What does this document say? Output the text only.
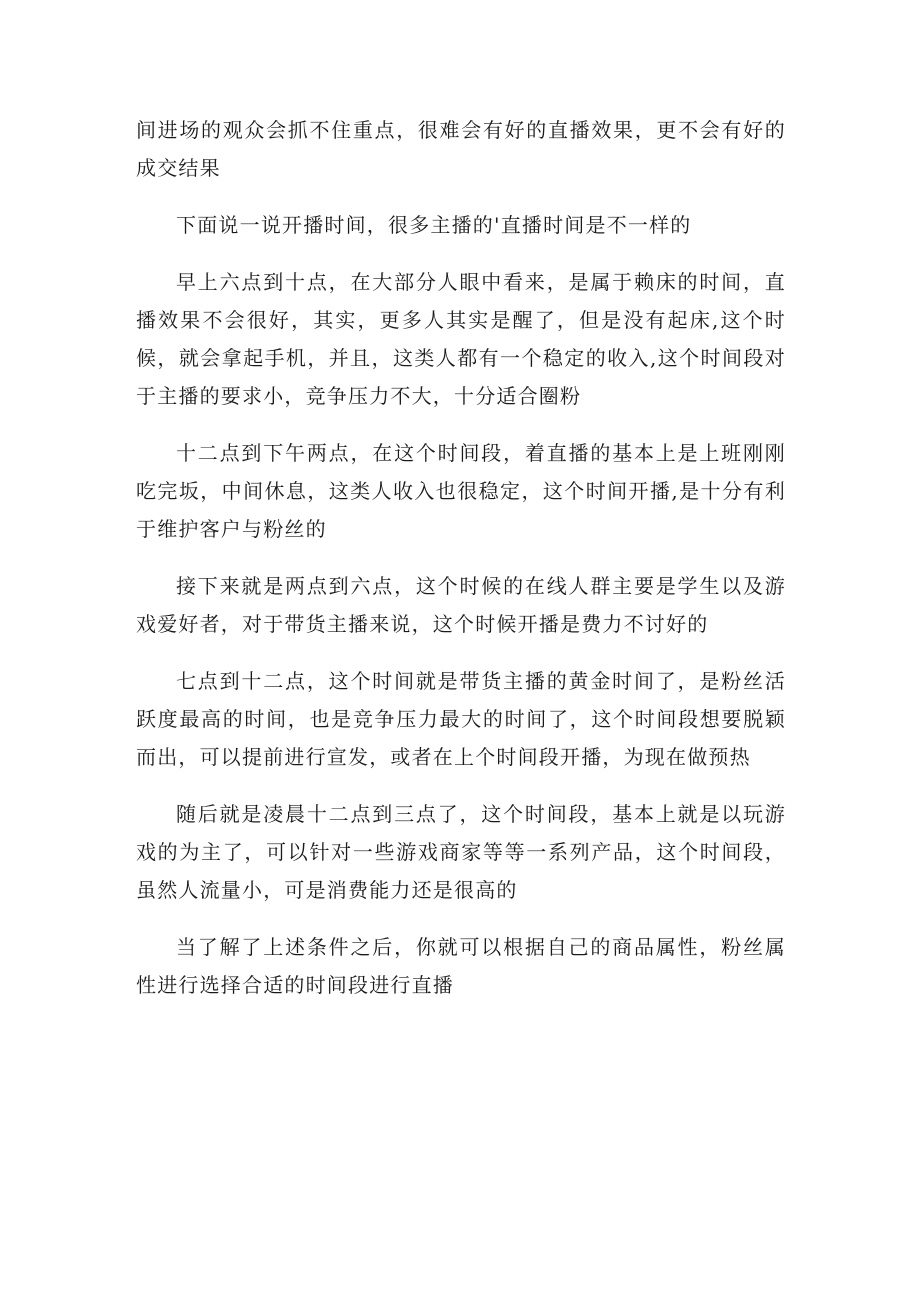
间进场的观众会抓不住重点，很难会有好的直播效果，更不会有好的成交结果

下面说一说开播时间，很多主播的'直播时间是不一样的

早上六点到十点，在大部分人眼中看来，是属于赖床的时间，直播效果不会很好，其实，更多人其实是醒了，但是没有起床,这个时候，就会拿起手机，并且，这类人都有一个稳定的收入,这个时间段对于主播的要求小，竞争压力不大，十分适合圈粉

十二点到下午两点，在这个时间段，着直播的基本上是上班刚刚吃完坂，中间休息，这类人收入也很稳定，这个时间开播,是十分有利于维护客户与粉丝的

接下来就是两点到六点，这个时候的在线人群主要是学生以及游戏爱好者，对于带货主播来说，这个时候开播是费力不讨好的

七点到十二点，这个时间就是带货主播的黄金时间了，是粉丝活跃度最高的时间，也是竞争压力最大的时间了，这个时间段想要脱颖而出，可以提前进行宣发，或者在上个时间段开播，为现在做预热

随后就是凌晨十二点到三点了，这个时间段，基本上就是以玩游戏的为主了，可以针对一些游戏商家等等一系列产品，这个时间段，虽然人流量小，可是消费能力还是很高的

当了解了上述条件之后，你就可以根据自己的商品属性，粉丝属性进行选择合适的时间段进行直播
